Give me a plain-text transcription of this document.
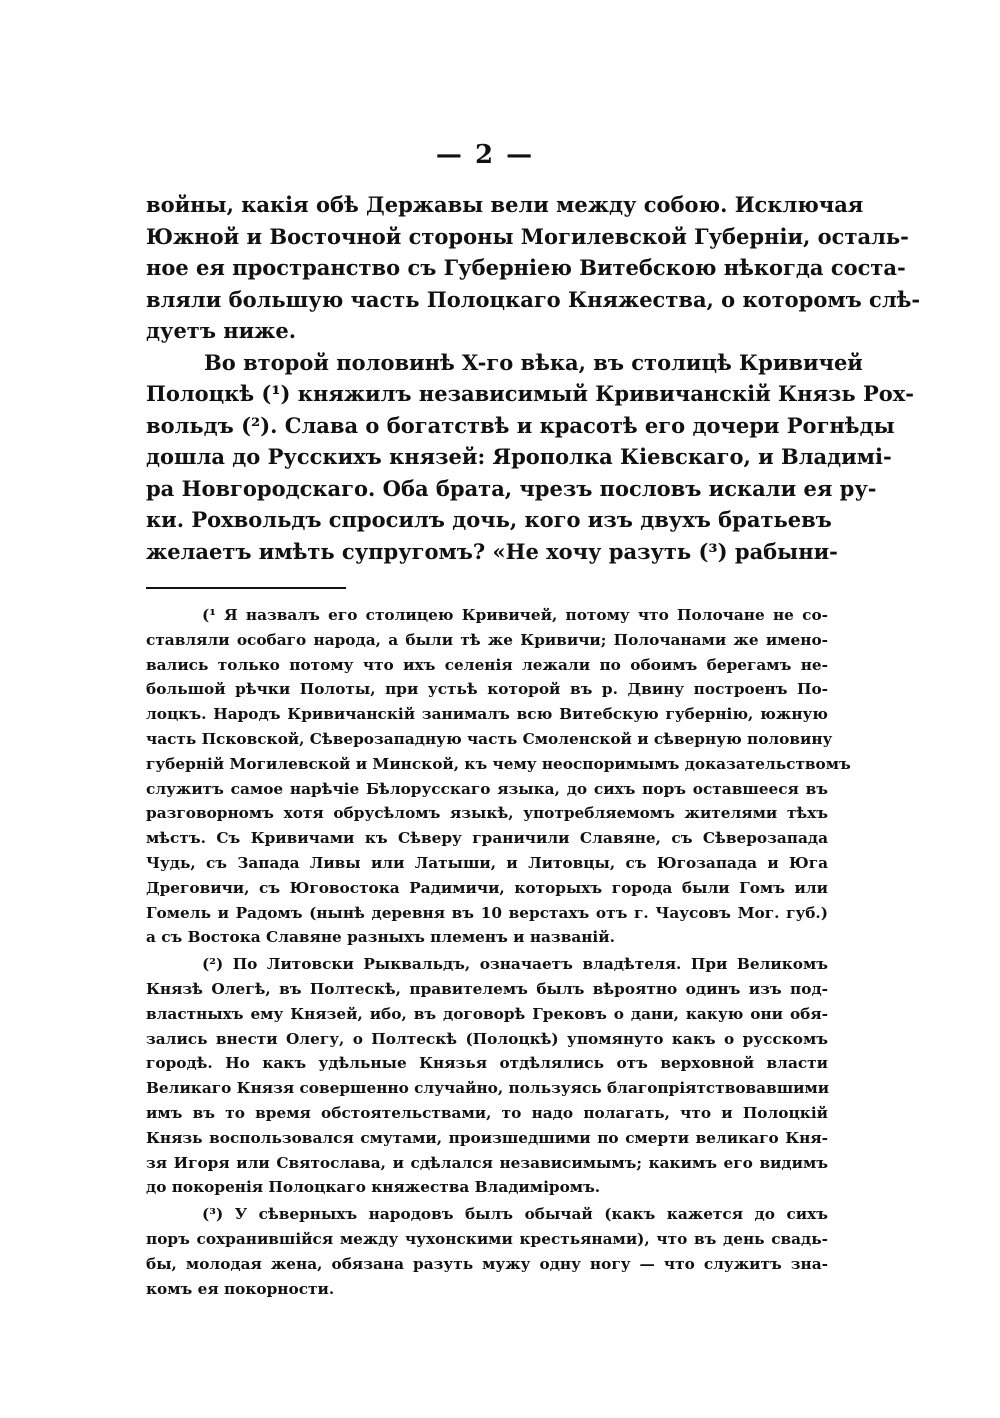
— 2 —
войны, какія обѣ Державы вели между собою. Исключая
Южной и Восточной стороны Могилевской Губерніи, осталь-
ное ея пространство съ Губерніею Витебскою нѣкогда соста-
вляли большую часть Полоцкаго Княжества, о которомъ слѣ-
дуетъ ниже.
Во второй половинѣ X-го вѣка, въ столицѣ Кривичей
Полоцкѣ (¹) княжилъ независимый Кривичанскій Князь Рох-
вольдъ (²). Слава о богатствѣ и красотѣ его дочери Рогнѣды
дошла до Русскихъ князей: Ярополка Кіевскаго, и Владимі-
ра Новгородскаго. Оба брата, чрезъ пословъ искали ея ру-
ки. Рохвольдъ спросилъ дочь, кого изъ двухъ братьевъ
желаетъ имѣть супругомъ? «Не хочу разуть (³) рабыни-
(¹ Я назвалъ его столицею Кривичей, потому что Полочане не со-
ставляли особаго народа, а были тѣ же Кривичи; Полочанами же имено-
вались только потому что ихъ селенія лежали по обоимъ берегамъ не-
большой рѣчки Полоты, при устьѣ которой въ р. Двину построенъ По-
лоцкъ. Народъ Кривичанскій занималъ всю Витебскую губернію, южную
часть Псковской, Сѣверозападную часть Смоленской и сѣверную половину
губерній Могилевской и Минской, къ чему неоспоримымъ доказательствомъ
служитъ самое нарѣчіе Бѣлорусскаго языка, до сихъ поръ оставшееся въ
разговорномъ хотя обрусѣломъ языкѣ, употребляемомъ жителями тѣхъ
мѣстъ. Съ Кривичами къ Сѣверу граничили Славяне, съ Сѣверозапада
Чудь, съ Запада Ливы или Латыши, и Литовцы, съ Югозапада и Юга
Дреговичи, съ Юговостока Радимичи, которыхъ города были Гомъ или
Гомель и Радомъ (нынѣ деревня въ 10 верстахъ отъ г. Чаусовъ Мог. губ.)
а съ Востока Славяне разныхъ племенъ и названій.
(²) По Литовски Рыквальдъ, означаетъ владѣтеля. При Великомъ
Князѣ Олегѣ, въ Полтескѣ, правителемъ былъ вѣроятно одинъ изъ под-
властныхъ ему Князей, ибо, въ договорѣ Грековъ о дани, какую они обя-
зались внести Олегу, о Полтескѣ (Полоцкѣ) упомянуто какъ о русскомъ
городѣ. Но какъ удѣльные Князья отдѣлялись отъ верховной власти
Великаго Князя совершенно случайно, пользуясь благопріятствовавшими
имъ въ то время обстоятельствами, то надо полагать, что и Полоцкій
Князь воспользовался смутами, произшедшими по смерти великаго Кня-
зя Игоря или Святослава, и сдѣлался независимымъ; какимъ его видимъ
до покоренія Полоцкаго княжества Владиміромъ.
(³) У сѣверныхъ народовъ былъ обычай (какъ кажется до сихъ
поръ сохранившійся между чухонскими крестьянами), что въ день свадь-
бы, молодая жена, обязана разуть мужу одну ногу — что служитъ зна-
комъ ея покорности.
